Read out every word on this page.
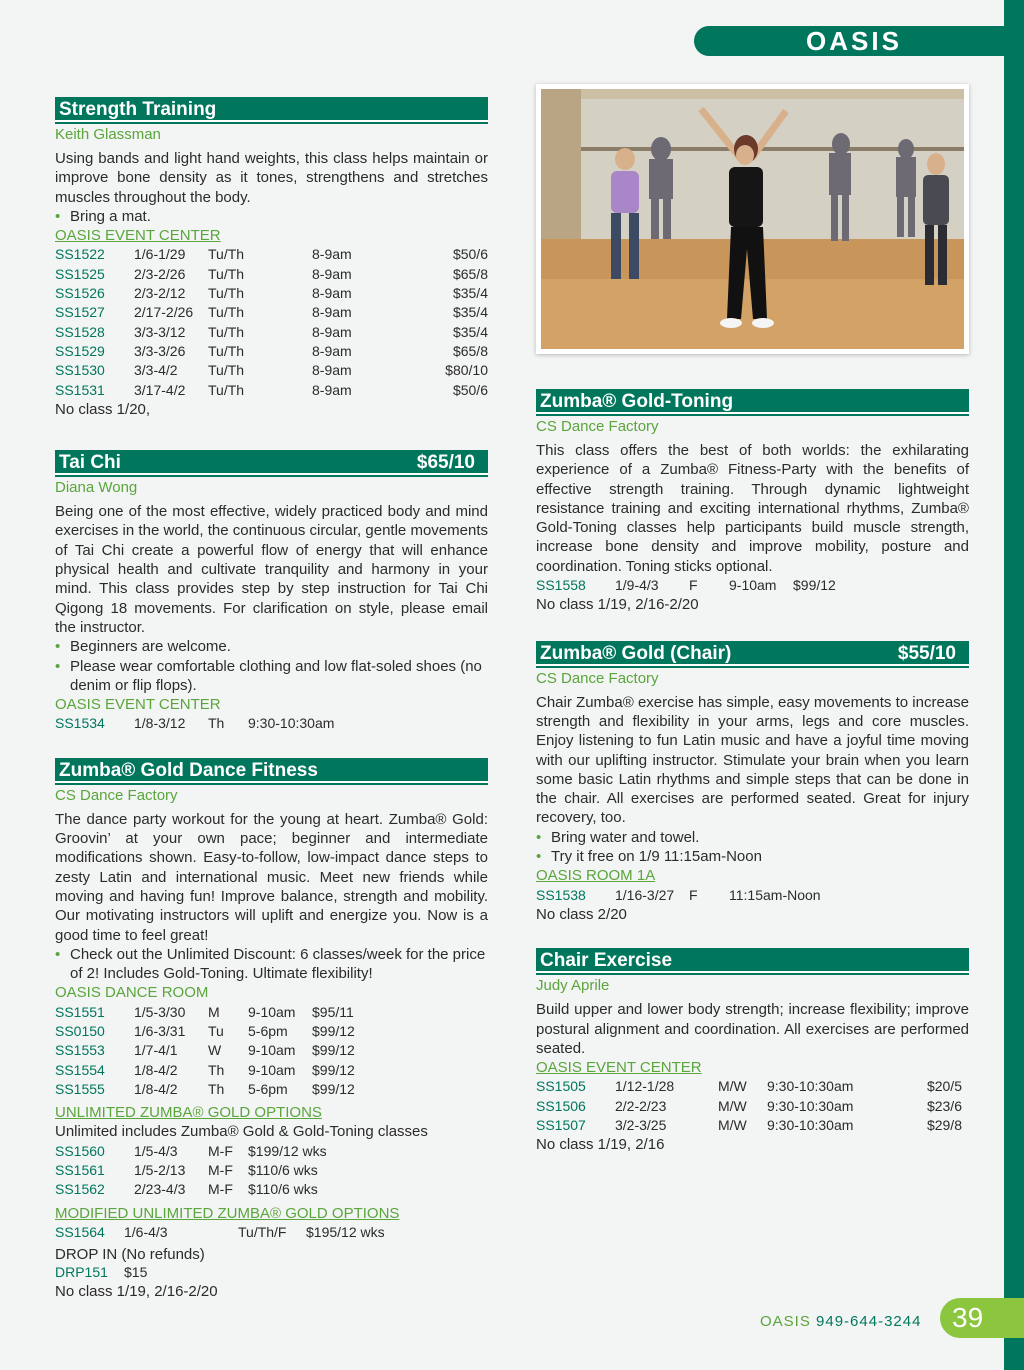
OASIS
Strength Training
Keith Glassman
Using bands and light hand weights, this class helps maintain or improve bone density as it tones, strengthens and stretches muscles throughout the body.
• Bring a mat.
OASIS EVENT CENTER
SS1522	1/6-1/29	Tu/Th	8-9am	$50/6
SS1525	2/3-2/26	Tu/Th	8-9am	$65/8
SS1526	2/3-2/12	Tu/Th	8-9am	$35/4
SS1527	2/17-2/26	Tu/Th	8-9am	$35/4
SS1528	3/3-3/12	Tu/Th	8-9am	$35/4
SS1529	3/3-3/26	Tu/Th	8-9am	$65/8
SS1530	3/3-4/2	Tu/Th	8-9am	$80/10
SS1531	3/17-4/2	Tu/Th	8-9am	$50/6
No class 1/20,
Tai Chi	$65/10
Diana Wong
Being one of the most effective, widely practiced body and mind exercises in the world, the continuous circular, gentle movements of Tai Chi create a powerful flow of energy that will enhance physical health and cultivate tranquility and harmony in your mind. This class provides step by step instruction for Tai Chi Qigong 18 movements. For clarification on style, please email the instructor.
• Beginners are welcome.
• Please wear comfortable clothing and low flat-soled shoes (no denim or flip flops).
OASIS EVENT CENTER
SS1534	1/8-3/12	Th	9:30-10:30am
Zumba® Gold Dance Fitness
CS Dance Factory
The dance party workout for the young at heart. Zumba® Gold: Groovin’ at your own pace; beginner and intermediate modifications shown. Easy-to-follow, low-impact dance steps to zesty Latin and international music. Meet new friends while moving and having fun! Improve balance, strength and mobility. Our motivating instructors will uplift and energize you. Now is a good time to feel great!
• Check out the Unlimited Discount: 6 classes/week for the price of 2! Includes Gold-Toning. Ultimate flexibility!
OASIS DANCE ROOM
SS1551	1/5-3/30	M	9-10am	$95/11
SS0150	1/6-3/31	Tu	5-6pm	$99/12
SS1553	1/7-4/1	W	9-10am	$99/12
SS1554	1/8-4/2	Th	9-10am	$99/12
SS1555	1/8-4/2	Th	5-6pm	$99/12
UNLIMITED ZUMBA® GOLD OPTIONS
Unlimited includes Zumba® Gold & Gold-Toning classes
SS1560	1/5-4/3	M-F	$199/12 wks
SS1561	1/5-2/13	M-F	$110/6 wks
SS1562	2/23-4/3	M-F	$110/6 wks
MODIFIED UNLIMITED ZUMBA® GOLD OPTIONS
SS1564	1/6-4/3	Tu/Th/F	$195/12 wks
DROP IN (No refunds)
DRP151	$15
No class 1/19, 2/16-2/20
Zumba® Gold-Toning
CS Dance Factory
This class offers the best of both worlds: the exhilarating experience of a Zumba® Fitness-Party with the benefits of effective strength training. Through dynamic lightweight resistance training and exciting international rhythms, Zumba® Gold-Toning classes help participants build muscle strength, increase bone density and improve mobility, posture and coordination. Toning sticks optional.
SS1558	1/9-4/3	F	9-10am	$99/12
No class 1/19, 2/16-2/20
Zumba® Gold (Chair)	$55/10
CS Dance Factory
Chair Zumba® exercise has simple, easy movements to increase strength and flexibility in your arms, legs and core muscles. Enjoy listening to fun Latin music and have a joyful time moving with our uplifting instructor. Stimulate your brain when you learn some basic Latin rhythms and simple steps that can be done in the chair. All exercises are performed seated. Great for injury recovery, too.
• Bring water and towel.
• Try it free on 1/9 11:15am-Noon
OASIS ROOM 1A
SS1538	1/16-3/27	F	11:15am-Noon
No class 2/20
Chair Exercise
Judy Aprile
Build upper and lower body strength; increase flexibility; improve postural alignment and coordination. All exercises are performed seated.
OASIS EVENT CENTER
SS1505	1/12-1/28	M/W	9:30-10:30am	$20/5
SS1506	2/2-2/23	M/W	9:30-10:30am	$23/6
SS1507	3/2-3/25	M/W	9:30-10:30am	$29/8
No class 1/19, 2/16
OASIS 949-644-3244	39
